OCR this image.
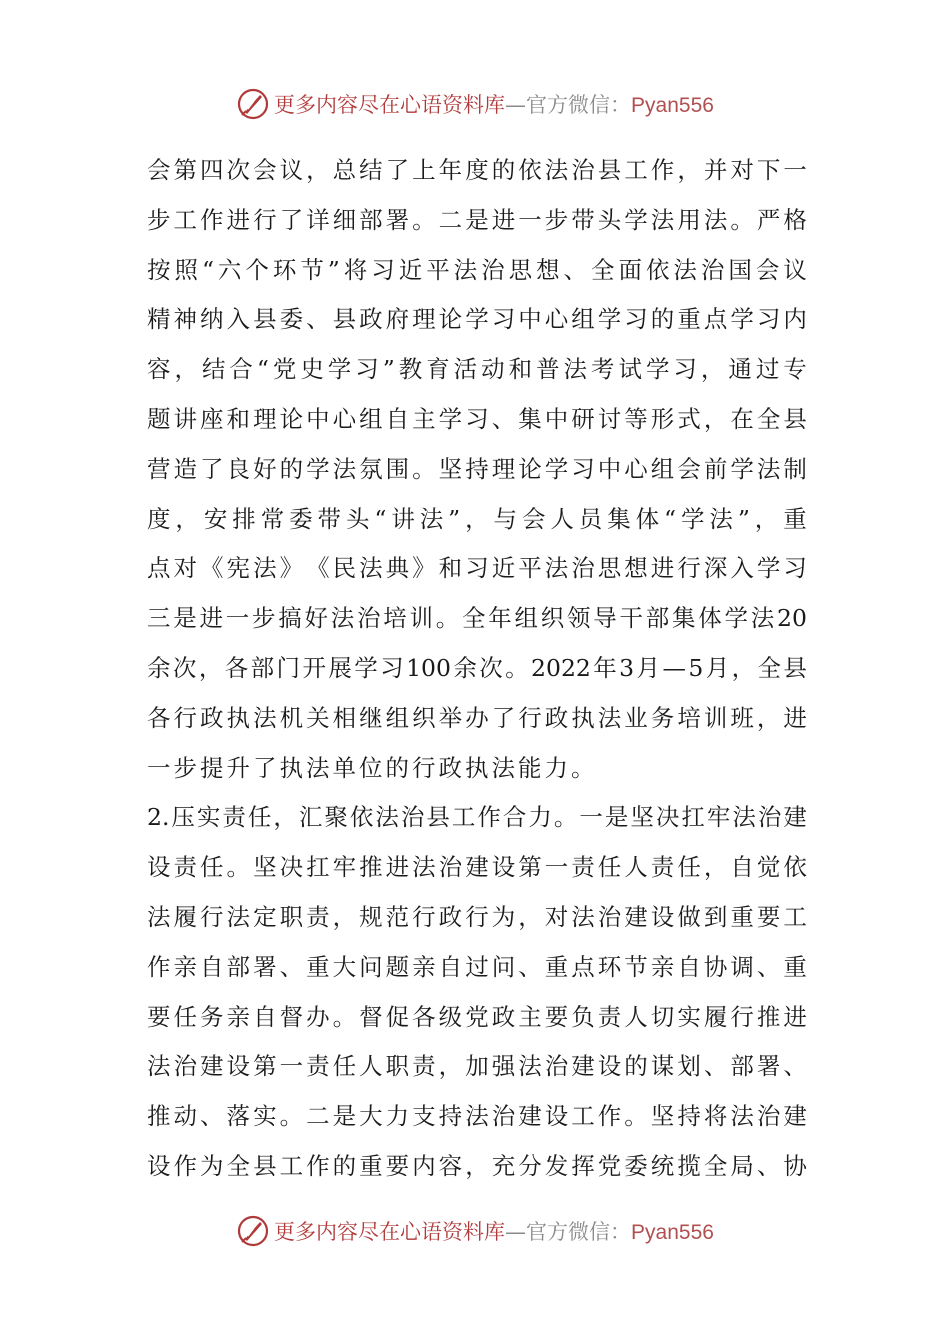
更多内容尽在心语资料库—官方微信：Pyan556
会 第 四 次 会 议 ， 总 结 了 上 年 度 的 依 法 治 县 工 作 ， 并 对 下 一
步 工 作 进 行 了 详 细 部 署 。 二 是 进 一 步 带 头 学 法 用 法 。 严 格
按 照 “ 六 个 环 节 ” 将 习 近 平 法 治 思 想 、 全 面 依 法 治 国 会 议
精 神 纳 入 县 委 、 县 政 府 理 论 学 习 中 心 组 学 习 的 重 点 学 习 内
容 ， 结 合 “ 党 史 学 习 ” 教 育 活 动 和 普 法 考 试 学 习 ， 通 过 专
题 讲 座 和 理 论 中 心 组 自 主 学 习 、 集 中 研 讨 等 形 式 ， 在 全 县
营 造 了 良 好 的 学 法 氛 围 。 坚 持 理 论 学 习 中 心 组 会 前 学 法 制
度 ， 安 排 常 委 带 头 “ 讲 法 ” ， 与 会 人 员 集 体 “ 学 法 ” ， 重
点 对 《 宪 法 》 《 民 法 典 》 和 习 近 平 法 治 思 想 进 行 深 入 学 习
三 是 进 一 步 搞 好 法 治 培 训 。 全 年 组 织 领 导 干 部 集 体 学 法 20
余 次 ， 各 部 门 开 展 学 习 100 余 次 。 2022 年 3 月 — 5 月 ， 全 县
各 行 政 执 法 机 关 相 继 组 织 举 办 了 行 政 执 法 业 务 培 训 班 ， 进
一步提升了执法单位的行政执法能力。
2. 压 实 责 任 ， 汇 聚 依 法 治 县 工 作 合 力 。 一 是 坚 决 扛 牢 法 治 建
设 责 任 。 坚 决 扛 牢 推 进 法 治 建 设 第 一 责 任 人 责 任 ， 自 觉 依
法 履 行 法 定 职 责 ， 规 范 行 政 行 为 ， 对 法 治 建 设 做 到 重 要 工
作 亲 自 部 署 、 重 大 问 题 亲 自 过 问 、 重 点 环 节 亲 自 协 调 、 重
要 任 务 亲 自 督 办 。 督 促 各 级 党 政 主 要 负 责 人 切 实 履 行 推 进
法 治 建 设 第 一 责 任 人 职 责 ， 加 强 法 治 建 设 的 谋 划 、 部 署 、
推 动 、 落 实 。 二 是 大 力 支 持 法 治 建 设 工 作 。 坚 持 将 法 治 建
设 作 为 全 县 工 作 的 重 要 内 容 ， 充 分 发 挥 党 委 统 揽 全 局 、 协
更多内容尽在心语资料库—官方微信：Pyan556
